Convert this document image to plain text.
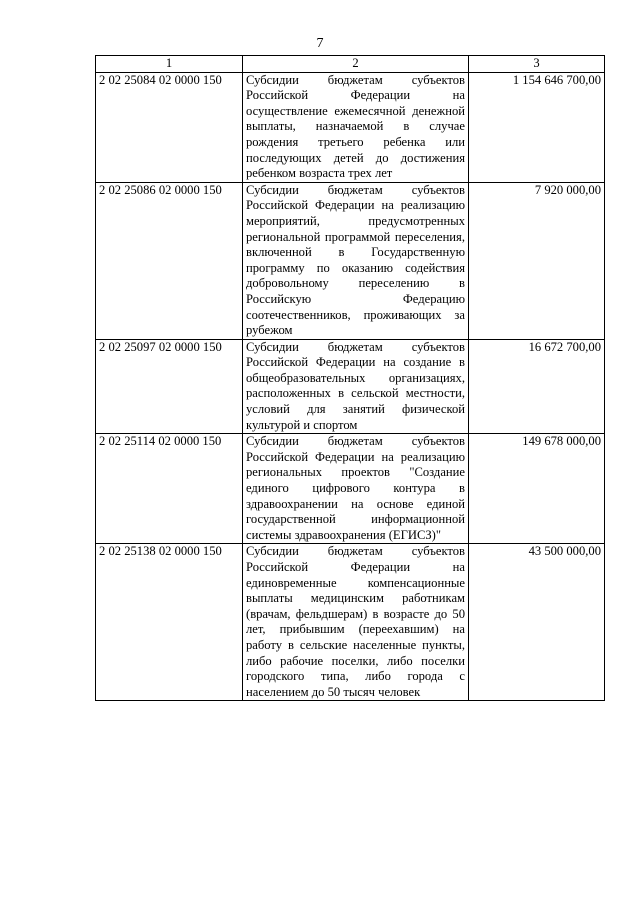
7
1	2	3
2 02 25084 02 0000 150	Субсидии бюджетам субъектов Российской Федерации на осуществление ежемесячной денежной выплаты, назначаемой в случае рождения третьего ребенка или последующих детей до достижения ребенком возраста трех лет	1 154 646 700,00
2 02 25086 02 0000 150	Субсидии бюджетам субъектов Российской Федерации на реализацию мероприятий, предусмотренных региональной программой переселения, включенной в Государственную программу по оказанию содействия добровольному переселению в Российскую Федерацию соотечественников, проживающих за рубежом	7 920 000,00
2 02 25097 02 0000 150	Субсидии бюджетам субъектов Российской Федерации на создание в общеобразовательных организациях, расположенных в сельской местности, условий для занятий физической культурой и спортом	16 672 700,00
2 02 25114 02 0000 150	Субсидии бюджетам субъектов Российской Федерации на реализацию региональных проектов "Создание единого цифрового контура в здравоохранении на основе единой государственной информационной системы здравоохранения (ЕГИСЗ)"	149 678 000,00
2 02 25138 02 0000 150	Субсидии бюджетам субъектов Российской Федерации на единовременные компенсационные выплаты медицинским работникам (врачам, фельдшерам) в возрасте до 50 лет, прибывшим (переехавшим) на работу в сельские населенные пункты, либо рабочие поселки, либо поселки городского типа, либо города с населением до 50 тысяч человек	43 500 000,00
